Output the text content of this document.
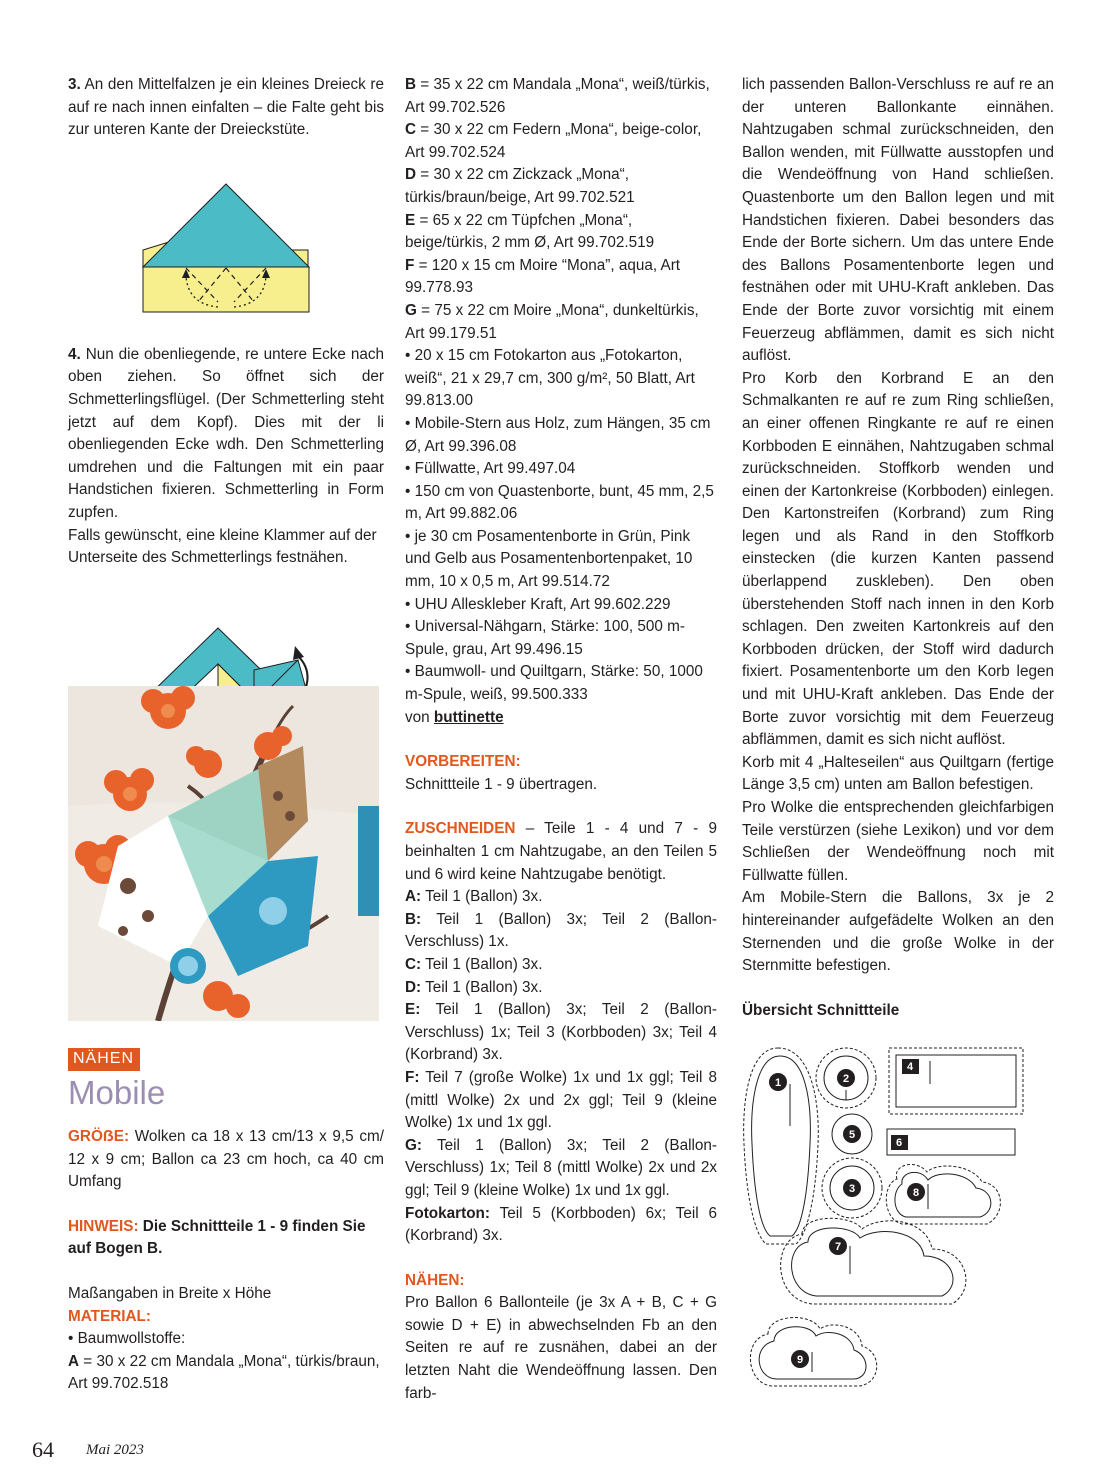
3. An den Mittelfalzen je ein kleines Dreieck re auf re nach innen einfalten – die Falte geht bis zur unteren Kante der Dreieckstüte.

4. Nun die obenliegende, re untere Ecke nach oben ziehen. So öffnet sich der Schmetterlingsflügel. (Der Schmetterling steht jetzt auf dem Kopf). Dies mit der li obenliegenden Ecke wdh. Den Schmetterling umdrehen und die Faltungen mit ein paar Handstichen fixieren. Schmetterling in Form zupfen.

Falls gewünscht, eine kleine Klammer auf der Unterseite des Schmetterlings festnähen.

NÄHEN
Mobile

GRÖẞE: Wolken ca 18 x 13 cm/13 x 9,5 cm/ 12 x 9 cm; Ballon ca 23 cm hoch, ca 40 cm Umfang

HINWEIS: Die Schnittteile 1 - 9 finden Sie auf Bogen B.

Maßangaben in Breite x Höhe

MATERIAL:

• Baumwollstoffe:

A = 30 x 22 cm Mandala „Mona“, türkis/braun, Art 99.702.518

B = 35 x 22 cm Mandala „Mona“, weiß/türkis, Art 99.702.526

C = 30 x 22 cm Federn „Mona“, beige-color, Art 99.702.524

D = 30 x 22 cm Zickzack „Mona“, türkis/braun/beige, Art 99.702.521

E = 65 x 22 cm Tüpfchen „Mona“, beige/türkis, 2 mm Ø, Art 99.702.519

F = 120 x 15 cm Moire “Mona”, aqua, Art 99.778.93

G = 75 x 22 cm Moire „Mona“, dunkeltürkis, Art 99.179.51

• 20 x 15 cm Fotokarton aus „Fotokarton, weiß“, 21 x 29,7 cm, 300 g/m², 50 Blatt, Art 99.813.00

• Mobile-Stern aus Holz, zum Hängen, 35 cm Ø, Art 99.396.08

• Füllwatte, Art 99.497.04

• 150 cm von Quastenborte, bunt, 45 mm, 2,5 m, Art 99.882.06

• je 30 cm Posamentenborte in Grün, Pink und Gelb aus Posamentenbortenpaket, 10 mm, 10 x 0,5 m, Art 99.514.72

• UHU Alleskleber Kraft, Art 99.602.229

• Universal-Nähgarn, Stärke: 100, 500 m-Spule, grau, Art 99.496.15

• Baumwoll- und Quiltgarn, Stärke: 50, 1000 m-Spule, weiß, 99.500.333

von buttinette

VORBEREITEN:

Schnittteile 1 - 9 übertragen.

ZUSCHNEIDEN – Teile 1 - 4 und 7 - 9 beinhalten 1 cm Nahtzugabe, an den Teilen 5 und 6 wird keine Nahtzugabe benötigt.

A: Teil 1 (Ballon) 3x.

B: Teil 1 (Ballon) 3x; Teil 2 (Ballon-Verschluss) 1x.

C: Teil 1 (Ballon) 3x.

D: Teil 1 (Ballon) 3x.

E: Teil 1 (Ballon) 3x; Teil 2 (Ballon-Verschluss) 1x; Teil 3 (Korbboden) 3x; Teil 4 (Korbrand) 3x.

F: Teil 7 (große Wolke) 1x und 1x ggl; Teil 8 (mittl Wolke) 2x und 2x ggl; Teil 9 (kleine Wolke) 1x und 1x ggl.

G: Teil 1 (Ballon) 3x; Teil 2 (Ballon-Verschluss) 1x; Teil 8 (mittl Wolke) 2x und 2x ggl; Teil 9 (kleine Wolke) 1x und 1x ggl.

Fotokarton: Teil 5 (Korbboden) 6x; Teil 6 (Korbrand) 3x.

NÄHEN:

Pro Ballon 6 Ballonteile (je 3x A + B, C + G sowie D + E) in abwechselnden Fb an den Seiten re auf re zusnähen, dabei an der letzten Naht die Wendeöffnung lassen. Den farb-

lich passenden Ballon-Verschluss re auf re an der unteren Ballonkante einnähen. Nahtzugaben schmal zurückschneiden, den Ballon wenden, mit Füllwatte ausstopfen und die Wendeöffnung von Hand schließen. Quastenborte um den Ballon legen und mit Handstichen fixieren. Dabei besonders das Ende der Borte sichern. Um das untere Ende des Ballons Posamentenborte legen und festnähen oder mit UHU-Kraft ankleben. Das Ende der Borte zuvor vorsichtig mit einem Feuerzeug abflämmen, damit es sich nicht auflöst.

Pro Korb den Korbrand E an den Schmalkanten re auf re zum Ring schließen, an einer offenen Ringkante re auf re einen Korbboden E einnähen, Nahtzugaben schmal zurückschneiden. Stoffkorb wenden und einen der Kartonkreise (Korbboden) einlegen. Den Kartonstreifen (Korbrand) zum Ring legen und als Rand in den Stoffkorb einstecken (die kurzen Kanten passend überlappend zuskleben). Den oben überstehenden Stoff nach innen in den Korb schlagen. Den zweiten Kartonkreis auf den Korbboden drücken, der Stoff wird dadurch fixiert. Posamentenborte um den Korb legen und mit UHU-Kraft ankleben. Das Ende der Borte zuvor vorsichtig mit dem Feuerzeug abflämmen, damit es sich nicht auflöst.

Korb mit 4 „Halteseilen“ aus Quiltgarn (fertige Länge 3,5 cm) unten am Ballon befestigen.

Pro Wolke die entsprechenden gleichfarbigen Teile verstürzen (siehe Lexikon) und vor dem Schließen der Wendeöffnung noch mit Füllwatte füllen.

Am Mobile-Stern die Ballons, 3x je 2 hintereinander aufgefädelte Wolken an den Sternenden und die große Wolke in der Sternmitte befestigen.

Übersicht Schnittteile

1	2
5
3
4
6
8
7
9
64 Mai 2023
